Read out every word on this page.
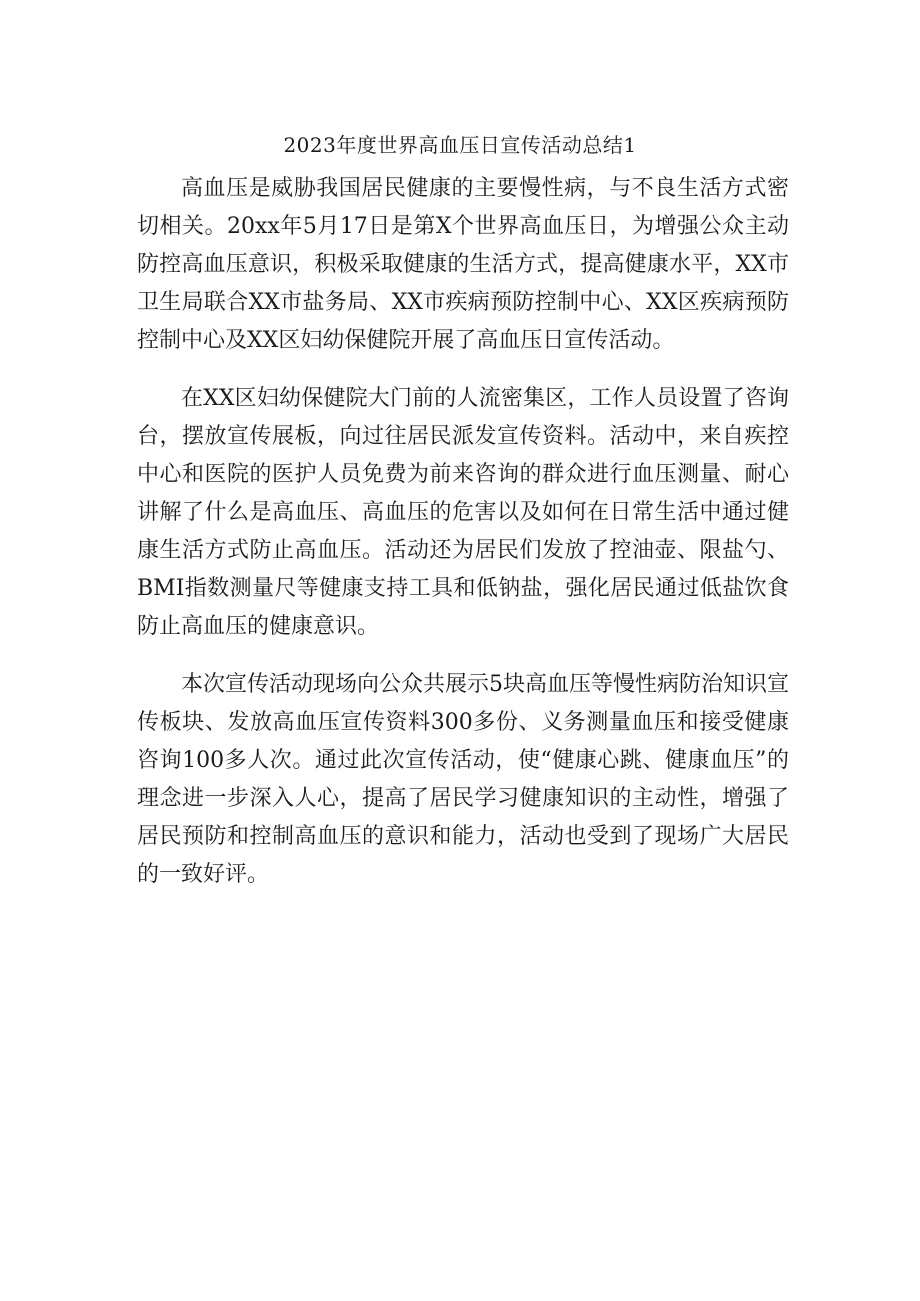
2023年度世界高血压日宣传活动总结1

高血压是威胁我国居民健康的主要慢性病，与不良生活方式密切相关。20xx年5月17日是第X个世界高血压日，为增强公众主动防控高血压意识，积极采取健康的生活方式，提高健康水平，XX市卫生局联合XX市盐务局、XX市疾病预防控制中心、XX区疾病预防控制中心及XX区妇幼保健院开展了高血压日宣传活动。

在XX区妇幼保健院大门前的人流密集区，工作人员设置了咨询台，摆放宣传展板，向过往居民派发宣传资料。活动中，来自疾控中心和医院的医护人员免费为前来咨询的群众进行血压测量、耐心讲解了什么是高血压、高血压的危害以及如何在日常生活中通过健康生活方式防止高血压。活动还为居民们发放了控油壶、限盐勺、BMI指数测量尺等健康支持工具和低钠盐，强化居民通过低盐饮食防止高血压的健康意识。

本次宣传活动现场向公众共展示5块高血压等慢性病防治知识宣传板块、发放高血压宣传资料300多份、义务测量血压和接受健康咨询100多人次。通过此次宣传活动，使“健康心跳、健康血压”的理念进一步深入人心，提高了居民学习健康知识的主动性，增强了居民预防和控制高血压的意识和能力，活动也受到了现场广大居民的一致好评。
